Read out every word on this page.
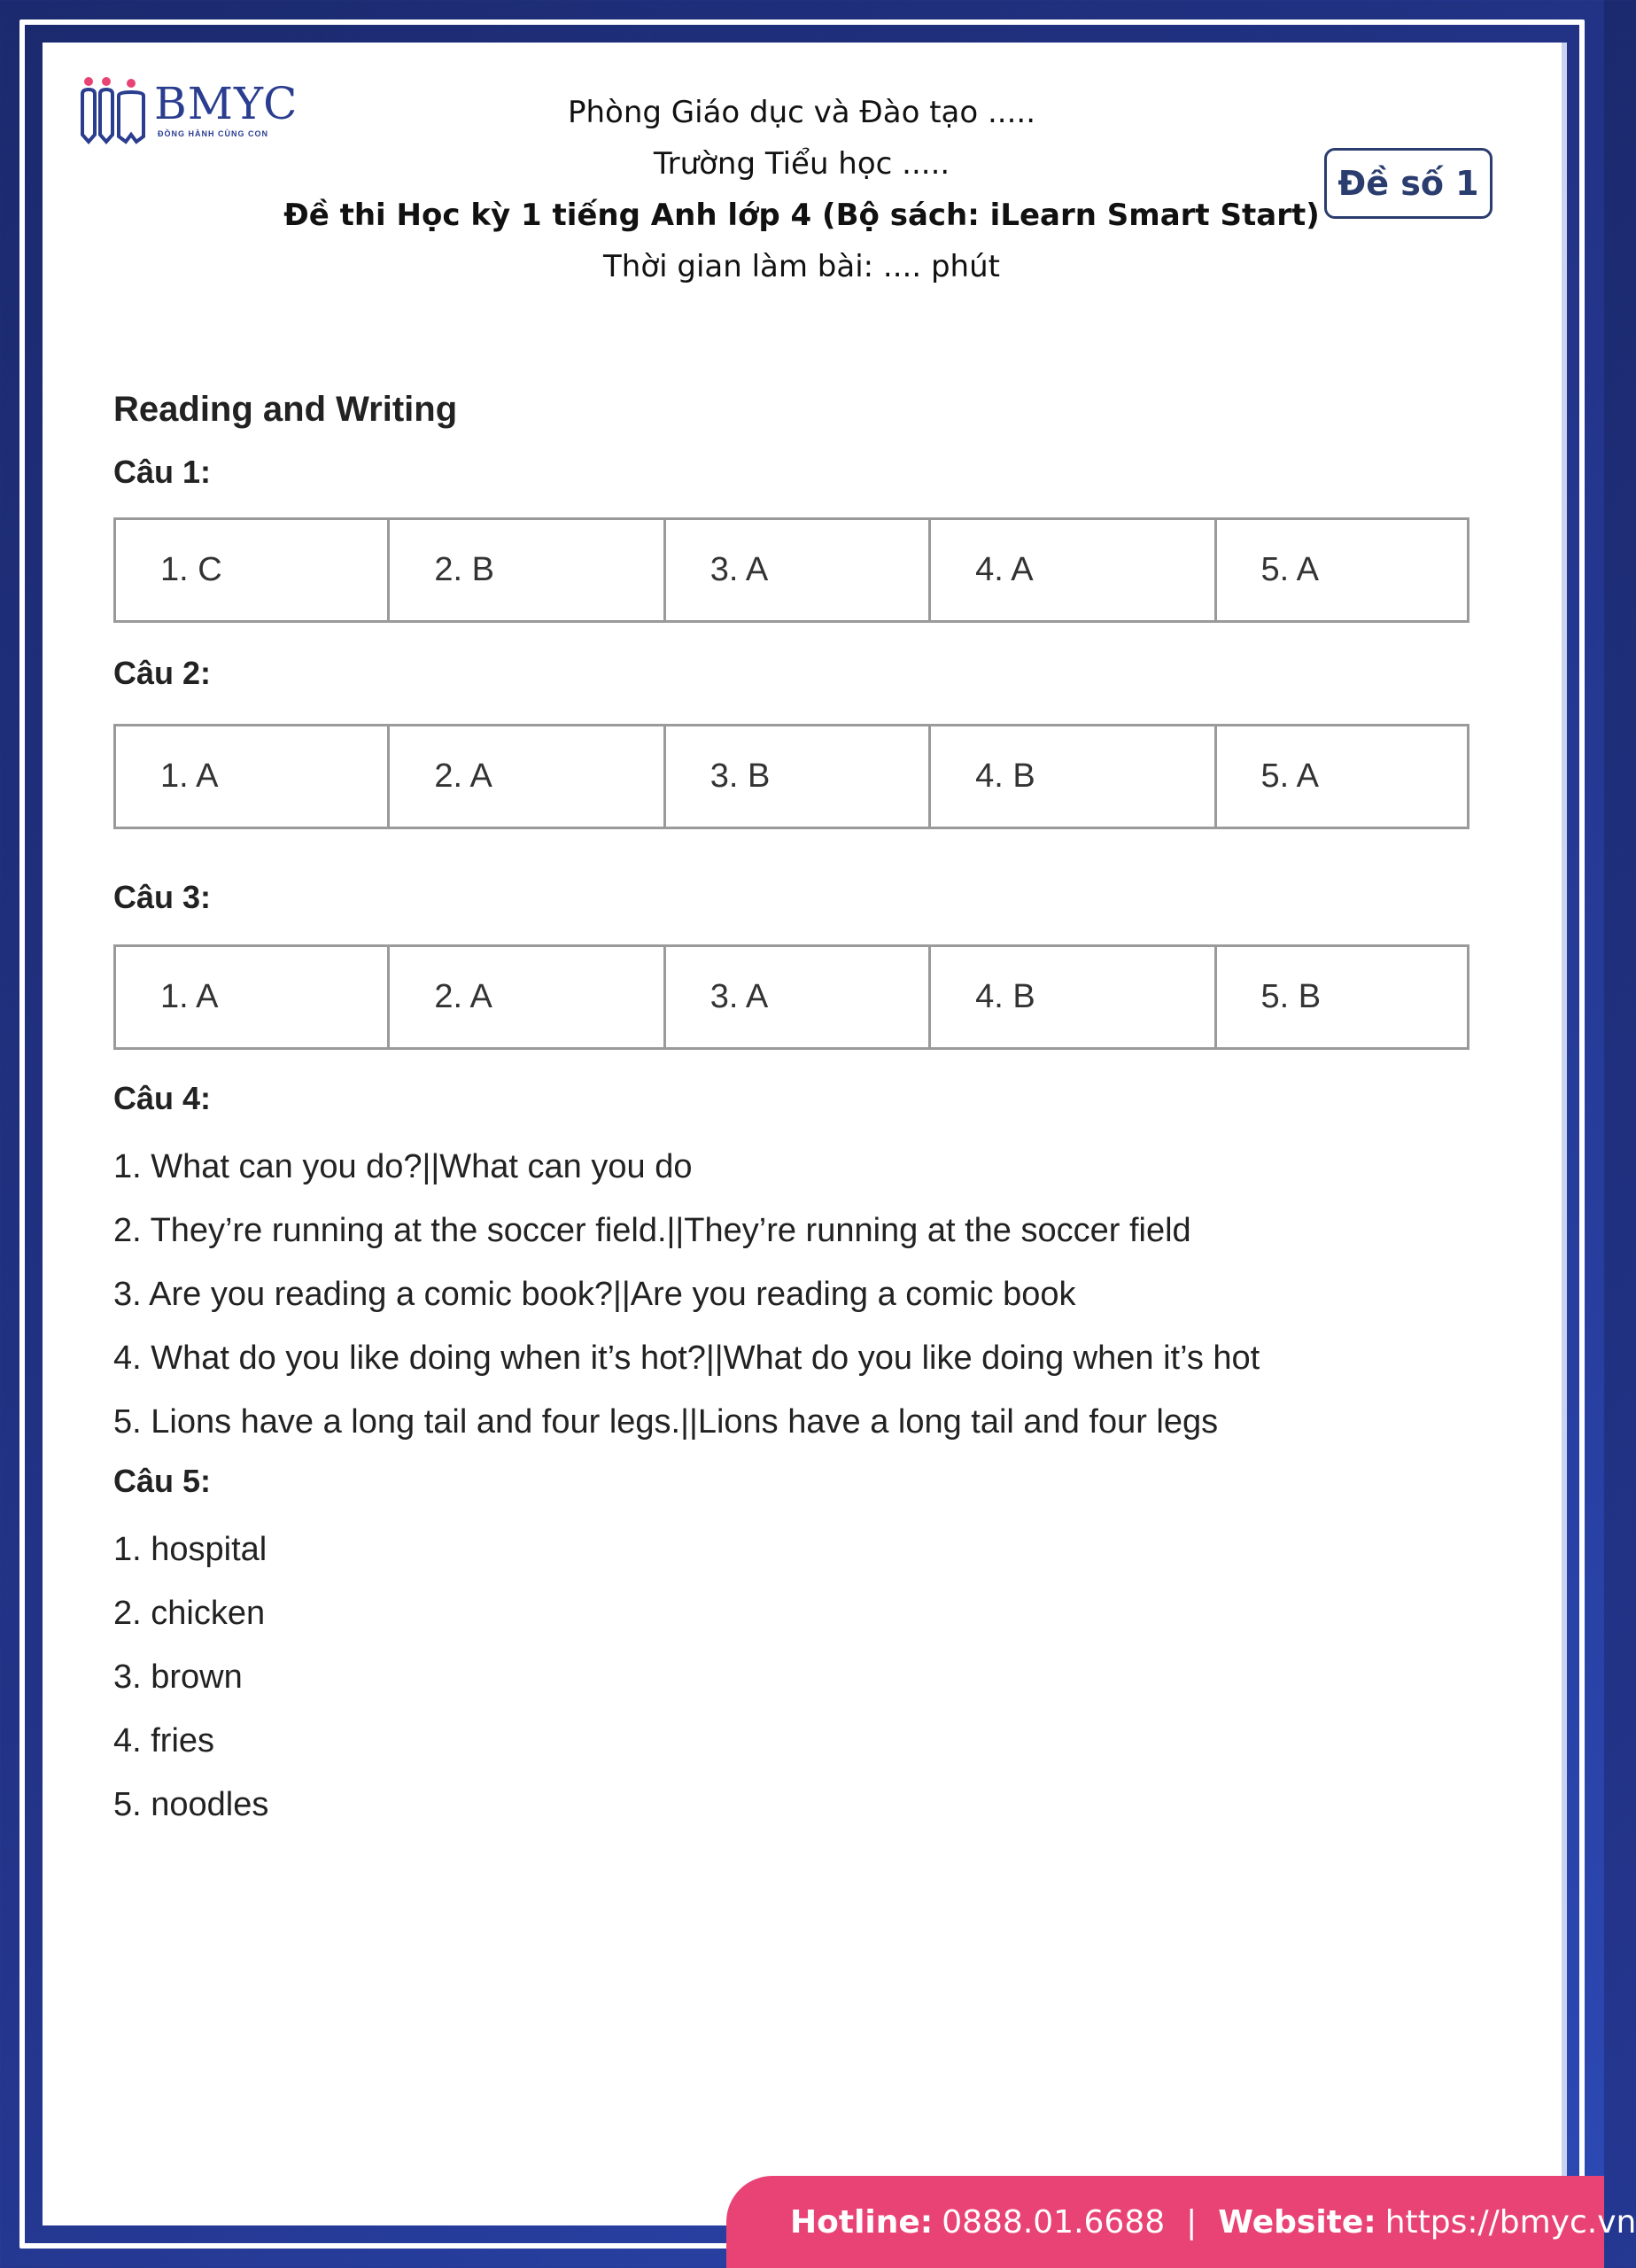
BMYC
ĐỒNG HÀNH CÙNG CON
Phòng Giáo dục và Đào tạo .....
Trường Tiểu học .....
Đề thi Học kỳ 1 tiếng Anh lớp 4 (Bộ sách: iLearn Smart Start)
Thời gian làm bài: .... phút
Đề số 1
Reading and Writing
Câu 1:
1. C	2. B	3. A	4. A	5. A
Câu 2:
1. A	2. A	3. B	4. B	5. A
Câu 3:
1. A	2. A	3. A	4. B	5. B
Câu 4:
1. What can you do?||What can you do
2. They’re running at the soccer field.||They’re running at the soccer field
3. Are you reading a comic book?||Are you reading a comic book
4. What do you like doing when it’s hot?||What do you like doing when it’s hot
5. Lions have a long tail and four legs.||Lions have a long tail and four legs
Câu 5:
1. hospital
2. chicken
3. brown
4. fries
5. noodles
Hotline: 0888.01.6688 | Website: https://bmyc.vn
